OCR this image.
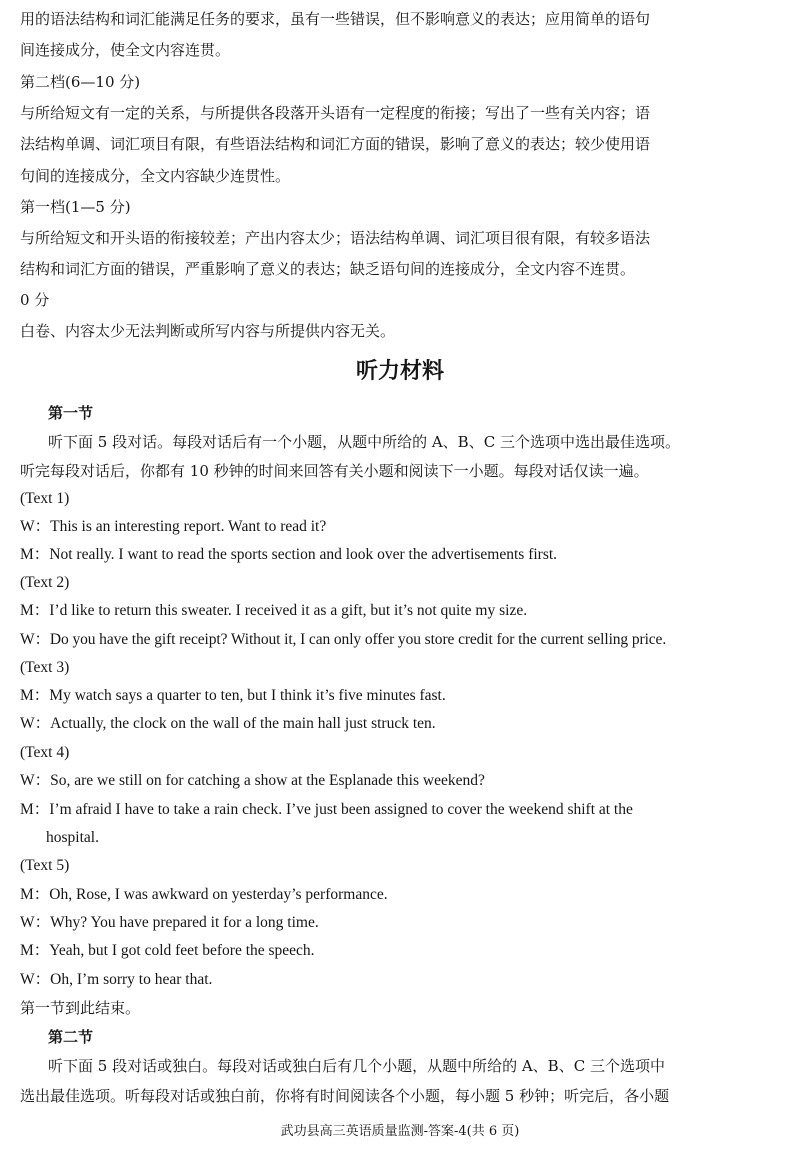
用的语法结构和词汇能满足任务的要求，虽有一些错误，但不影响意义的表达；应用简单的语句
间连接成分，使全文内容连贯。
第二档(6—10 分)
与所给短文有一定的关系，与所提供各段落开头语有一定程度的衔接；写出了一些有关内容；语
法结构单调、词汇项目有限，有些语法结构和词汇方面的错误，影响了意义的表达；较少使用语
句间的连接成分，全文内容缺少连贯性。
第一档(1—5 分)
与所给短文和开头语的衔接较差；产出内容太少；语法结构单调、词汇项目很有限，有较多语法
结构和词汇方面的错误，严重影响了意义的表达；缺乏语句间的连接成分，全文内容不连贯。
0 分
白卷、内容太少无法判断或所写内容与所提供内容无关。
听力材料
第一节
听下面 5 段对话。每段对话后有一个小题，从题中所给的 A、B、C 三个选项中选出最佳选项。
听完每段对话后，你都有 10 秒钟的时间来回答有关小题和阅读下一小题。每段对话仅读一遍。
(Text 1)
W：This is an interesting report. Want to read it?
M：Not really. I want to read the sports section and look over the advertisements first.
(Text 2)
M：I’d like to return this sweater. I received it as a gift, but it’s not quite my size.
W：Do you have the gift receipt? Without it, I can only offer you store credit for the current selling price.
(Text 3)
M：My watch says a quarter to ten, but I think it’s five minutes fast.
W：Actually, the clock on the wall of the main hall just struck ten.
(Text 4)
W：So, are we still on for catching a show at the Esplanade this weekend?
M：I’m afraid I have to take a rain check. I’ve just been assigned to cover the weekend shift at the
hospital.
(Text 5)
M：Oh, Rose, I was awkward on yesterday’s performance.
W：Why? You have prepared it for a long time.
M：Yeah, but I got cold feet before the speech.
W：Oh, I’m sorry to hear that.
第一节到此结束。
第二节
听下面 5 段对话或独白。每段对话或独白后有几个小题，从题中所给的 A、B、C 三个选项中
选出最佳选项。听每段对话或独白前，你将有时间阅读各个小题，每小题 5 秒钟；听完后，各小题
武功县高三英语质量监测-答案-4(共 6 页)
